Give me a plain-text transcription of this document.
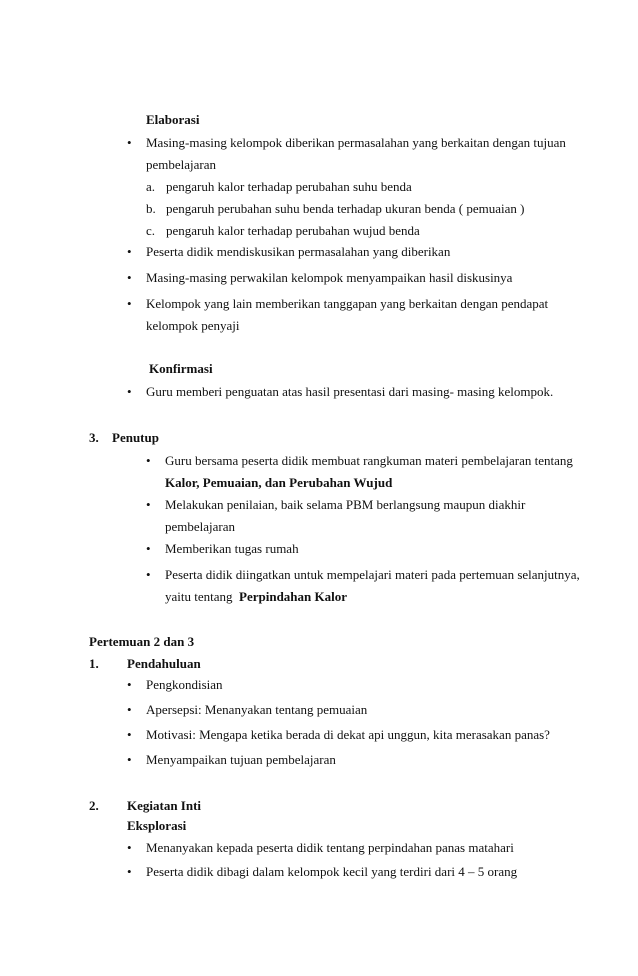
Elaborasi
• Masing-masing kelompok diberikan permasalahan yang berkaitan dengan tujuan
pembelajaran
a. pengaruh kalor terhadap perubahan suhu benda
b. pengaruh perubahan suhu benda terhadap ukuran benda ( pemuaian )
c. pengaruh kalor terhadap perubahan wujud benda
• Peserta didik mendiskusikan permasalahan yang diberikan
• Masing-masing perwakilan kelompok menyampaikan hasil diskusinya
• Kelompok yang lain memberikan tanggapan yang berkaitan dengan pendapat
kelompok penyaji
Konfirmasi
• Guru memberi penguatan atas hasil presentasi dari masing- masing kelompok.
3. Penutup
• Guru bersama peserta didik membuat rangkuman materi pembelajaran tentang
Kalor, Pemuaian, dan Perubahan Wujud
• Melakukan penilaian, baik selama PBM berlangsung maupun diakhir
pembelajaran
• Memberikan tugas rumah
• Peserta didik diingatkan untuk mempelajari materi pada pertemuan selanjutnya,
yaitu tentang Perpindahan Kalor
Pertemuan 2 dan 3
1. Pendahuluan
• Pengkondisian
• Apersepsi: Menanyakan tentang pemuaian
• Motivasi: Mengapa ketika berada di dekat api unggun, kita merasakan panas?
• Menyampaikan tujuan pembelajaran
2. Kegiatan Inti
Eksplorasi
• Menanyakan kepada peserta didik tentang perpindahan panas matahari
• Peserta didik dibagi dalam kelompok kecil yang terdiri dari 4 – 5 orang
